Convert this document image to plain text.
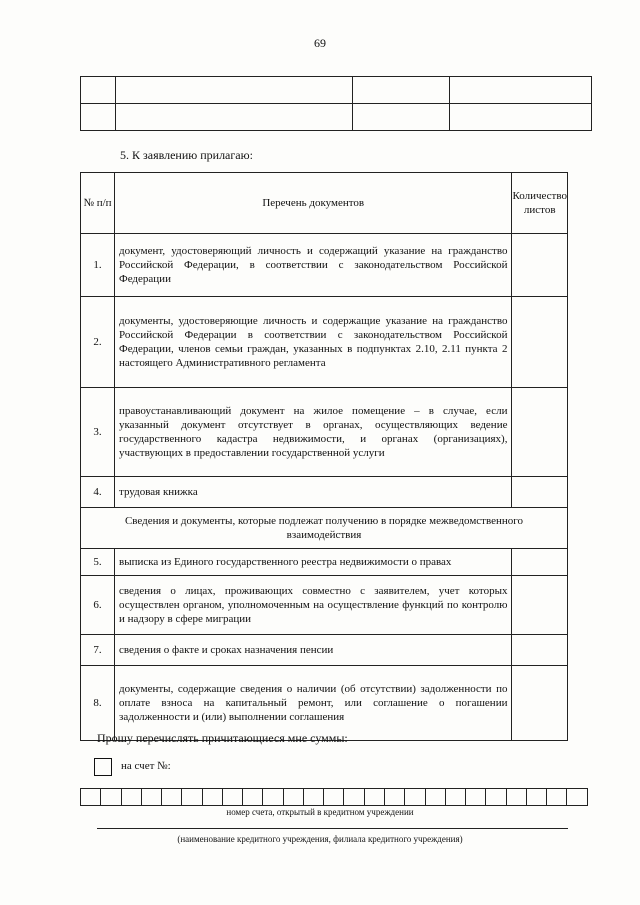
69

5. К заявлению прилагаю:
№ п/п	Перечень документов	Количество листов
1.	документ, удостоверяющий личность и содержащий указание на гражданство Российской Федерации, в соответствии с законодательством Российской Федерации	
2.	документы, удостоверяющие личность и содержащие указание на гражданство Российской Федерации в соответствии с законодательством Российской Федерации, членов семьи граждан, указанных в подпунктах 2.10, 2.11 пункта 2 настоящего Административного регламента	
3.	правоустанавливающий документ на жилое помещение – в случае, если указанный документ отсутствует в органах, осуществляющих ведение государственного кадастра недвижимости, и органах (организациях), участвующих в предоставлении государственной услуги	
4.	трудовая книжка	
Сведения и документы, которые подлежат получению в порядке межведомственного взаимодействия		
5.	выписка из Единого государственного реестра недвижимости о правах	
6.	сведения о лицах, проживающих совместно с заявителем, учет которых осуществлен органом, уполномоченным на осуществление функций по контролю и надзору в сфере миграции	
7.	сведения о факте и сроках назначения пенсии	
8.	документы, содержащие сведения о наличии (об отсутствии) задолженности по оплате взноса на капитальный ремонт, или соглашение о погашении задолженности и (или) выполнении соглашения	
Прошу перечислять причитающиеся мне суммы:
на счет №:

номер счета, открытый в кредитном учреждении
(наименование кредитного учреждения, филиала кредитного учреждения)
